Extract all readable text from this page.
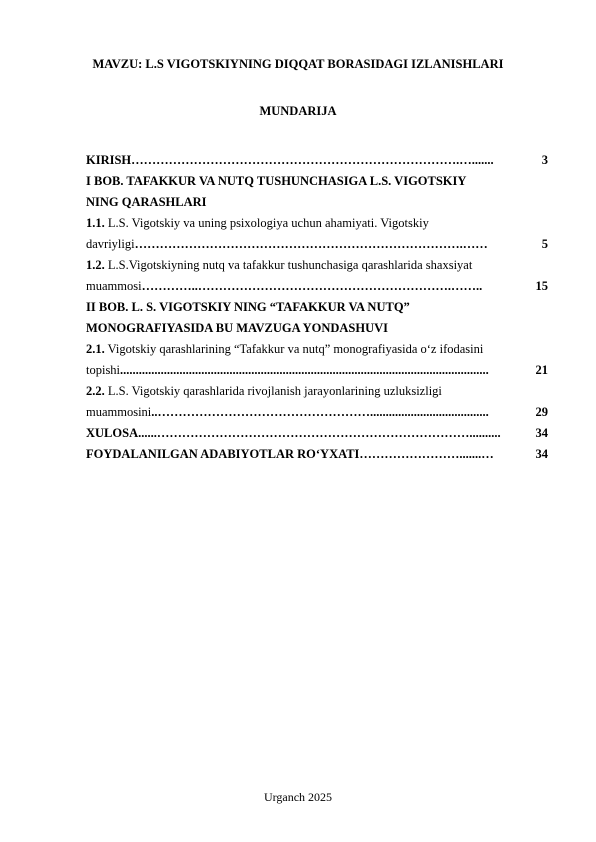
MAVZU: L.S VIGOTSKIYNING DIQQAT BORASIDAGI IZLANISHLARI
MUNDARIJA
KIRISH …………………………………………………………………….….......	3
I BOB. TAFAKKUR VA NUTQ TUSHUNCHASIGA L.S. VIGOTSKIY
NING QARASHLARI
1.1. L.S. Vigotskiy va uning psixologiya uchun ahamiyati. Vigotskiy
davriyligi …………………………………………………………………….……	5
1.2. L.S.Vigotskiyning nutq va tafakkur tushunchasiga qarashlarida shaxsiyat
muammosi …………..…………………………………………………….……..	15
II BOB. L. S. VIGOTSKIY NING “TAFAKKUR VA NUTQ”
MONOGRAFIYASIDA BU MAVZUGA YONDASHUVI
2.1. Vigotskiy qarashlarining “Tafakkur va nutq” monografiyasida o‘z ifodasini
topishi ......................................................................................................................	21
2.2. L.S. Vigotskiy qarashlarida rivojlanish jarayonlarining uzluksizligi
muammosini ..……………………………………………......................................	29
XULOSA ......…………………………………………………………………..........	34
FOYDALANILGAN ADABIYOTLAR RO‘YXATI …………………….......…	34

Urganch 2025
